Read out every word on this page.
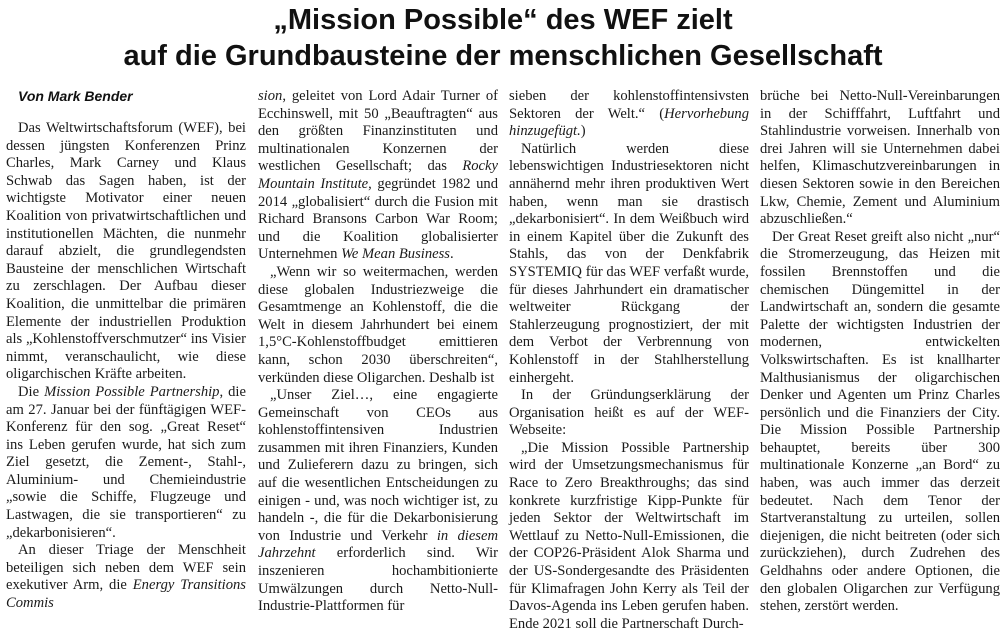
„Mission Possible“ des WEF zielt
auf die Grundbausteine der menschlichen Gesellschaft
Von Mark Bender

Das Weltwirtschaftsforum (WEF), bei dessen jüngsten Konferenzen Prinz Charles, Mark Carney und Klaus Schwab das Sagen haben, ist der wichtigste Motivator einer neuen Koalition von privatwirtschaftlichen und institutionellen Mächten, die nunmehr darauf abzielt, die grundlegendsten Bausteine der menschlichen Wirtschaft zu zerschlagen. Der Aufbau dieser Koalition, die unmittelbar die primären Elemente der industriellen Produktion als „Kohlenstoffverschmutzer“ ins Visier nimmt, veranschaulicht, wie diese oligarchischen Kräfte arbeiten.

Die Mission Possible Partnership, die am 27. Januar bei der fünftägigen WEF-Konferenz für den sog. „Great Reset“ ins Leben gerufen wurde, hat sich zum Ziel gesetzt, die Zement-, Stahl-, Aluminium- und Chemieindustrie „sowie die Schiffe, Flugzeuge und Lastwagen, die sie transportieren“ zu „dekarbonisieren“.

An dieser Triage der Menschheit beteiligen sich neben dem WEF sein exekutiver Arm, die Energy Transitions Commis

sion, geleitet von Lord Adair Turner of Ecchinswell, mit 50 „Beauftragten“ aus den größten Finanzinstituten und multinationalen Konzernen der westlichen Gesellschaft; das Rocky Mountain Institute, gegründet 1982 und 2014 „globalisiert“ durch die Fusion mit Richard Bransons Carbon War Room; und die Koalition globalisierter Unternehmen We Mean Business.

„Wenn wir so weitermachen, werden diese globalen Industriezweige die Gesamtmenge an Kohlenstoff, die die Welt in diesem Jahrhundert bei einem 1,5°C-Kohlenstoffbudget emittieren kann, schon 2030 überschreiten“, verkünden diese Oligarchen. Deshalb ist

„Unser Ziel…, eine engagierte Gemeinschaft von CEOs aus kohlenstoffintensiven Industrien zusammen mit ihren Finanziers, Kunden und Zulieferern dazu zu bringen, sich auf die wesentlichen Entscheidungen zu einigen - und, was noch wichtiger ist, zu handeln -, die für die Dekarbonisierung von Industrie und Verkehr in diesem Jahrzehnt erforderlich sind. Wir inszenieren hochambitionierte Umwälzungen durch Netto-Null-Industrie-Plattformen für

sieben der kohlenstoffintensivsten Sektoren der Welt.“ (Hervorhebung hinzugefügt.)

Natürlich werden diese lebenswichtigen Industriesektoren nicht annähernd mehr ihren produktiven Wert haben, wenn man sie drastisch „dekarbonisiert“. In dem Weißbuch wird in einem Kapitel über die Zukunft des Stahls, das von der Denkfabrik SYSTEMIQ für das WEF verfaßt wurde, für dieses Jahrhundert ein dramatischer weltweiter Rückgang der Stahlerzeugung prognostiziert, der mit dem Verbot der Verbrennung von Kohlenstoff in der Stahlherstellung einhergeht.

In der Gründungserklärung der Organisation heißt es auf der WEF-Webseite:

„Die Mission Possible Partnership wird der Umsetzungsmechanismus für Race to Zero Breakthroughs; das sind konkrete kurzfristige Kipp-Punkte für jeden Sektor der Weltwirtschaft im Wettlauf zu Netto-Null-Emissionen, die der COP26-Präsident Alok Sharma und der US-Sondergesandte des Präsidenten für Klimafragen John Kerry als Teil der Davos-Agenda ins Leben gerufen haben. Ende 2021 soll die Partnerschaft Durch-

brüche bei Netto-Null-Vereinbarungen in der Schifffahrt, Luftfahrt und Stahlindustrie vorweisen. Innerhalb von drei Jahren will sie Unternehmen dabei helfen, Klimaschutzvereinbarungen in diesen Sektoren sowie in den Bereichen Lkw, Chemie, Zement und Aluminium abzuschließen.“

Der Great Reset greift also nicht „nur“ die Stromerzeugung, das Heizen mit fossilen Brennstoffen und die chemischen Düngemittel in der Landwirtschaft an, sondern die gesamte Palette der wichtigsten Industrien der modernen, entwickelten Volkswirtschaften. Es ist knallharter Malthusianismus der oligarchischen Denker und Agenten um Prinz Charles persönlich und die Finanziers der City. Die Mission Possible Partnership behauptet, bereits über 300 multinationale Konzerne „an Bord“ zu haben, was auch immer das derzeit bedeutet. Nach dem Tenor der Startveranstaltung zu urteilen, sollen diejenigen, die nicht beitreten (oder sich zurückziehen), durch Zudrehen des Geldhahns oder andere Optionen, die den globalen Oligarchen zur Verfügung stehen, zerstört werden.
